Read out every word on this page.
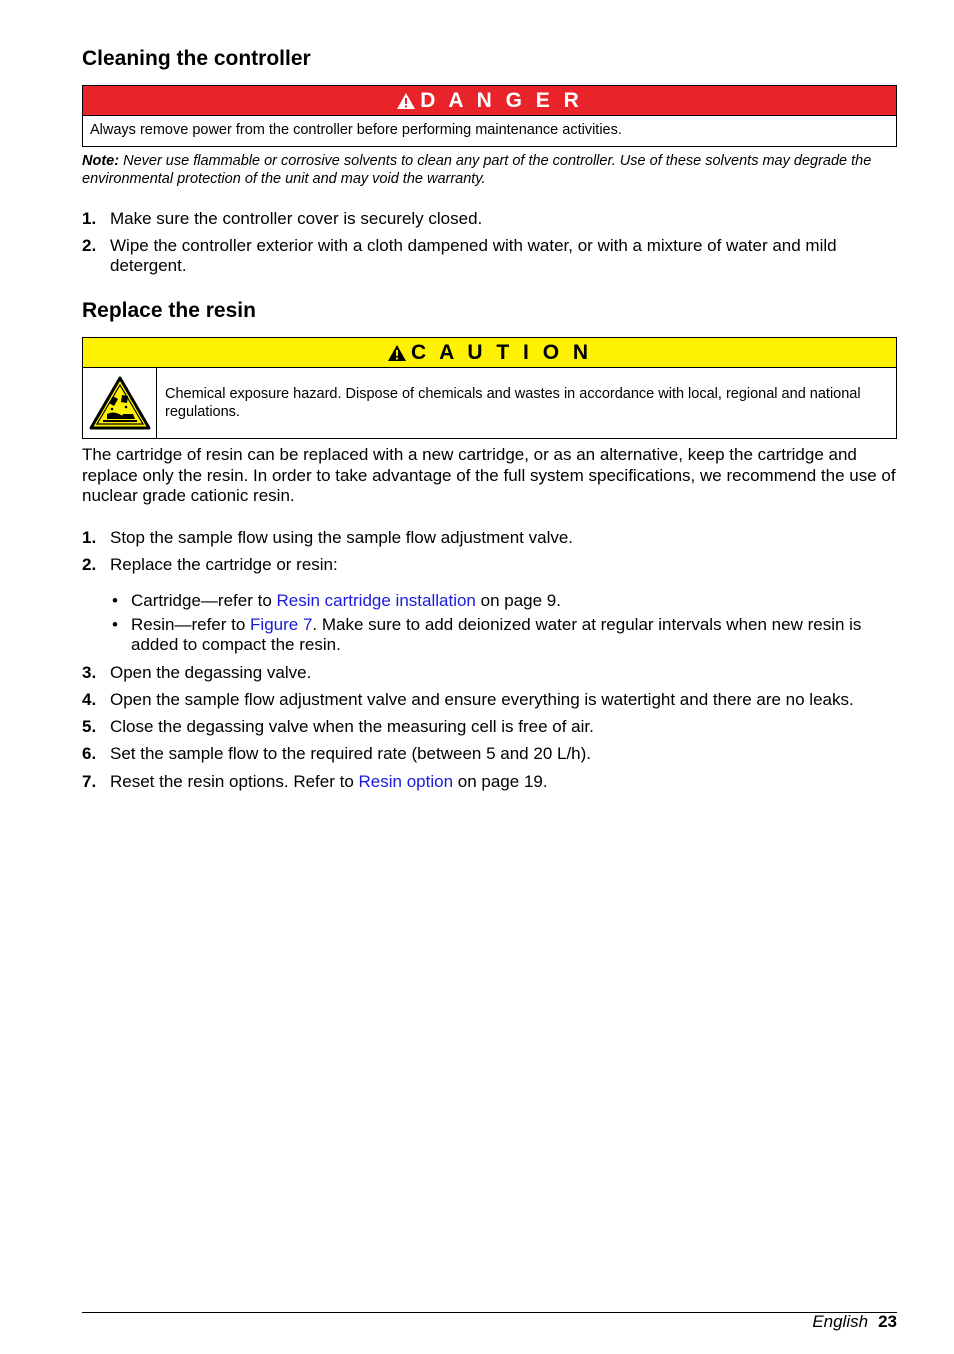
Cleaning the controller
D A N G E R
Always remove power from the controller before performing maintenance activities.
Note: Never use flammable or corrosive solvents to clean any part of the controller. Use of these solvents may degrade the environmental protection of the unit and may void the warranty.
1. Make sure the controller cover is securely closed.
2. Wipe the controller exterior with a cloth dampened with water, or with a mixture of water and mild detergent.
Replace the resin
C A U T I O N
Chemical exposure hazard. Dispose of chemicals and wastes in accordance with local, regional and national regulations.
The cartridge of resin can be replaced with a new cartridge, or as an alternative, keep the cartridge and replace only the resin. In order to take advantage of the full system specifications, we recommend the use of nuclear grade cationic resin.
1. Stop the sample flow using the sample flow adjustment valve.
2. Replace the cartridge or resin:
• Cartridge—refer to Resin cartridge installation on page 9.
• Resin—refer to Figure 7. Make sure to add deionized water at regular intervals when new resin is added to compact the resin.
3. Open the degassing valve.
4. Open the sample flow adjustment valve and ensure everything is watertight and there are no leaks.
5. Close the degassing valve when the measuring cell is free of air.
6. Set the sample flow to the required rate (between 5 and 20 L/h).
7. Reset the resin options. Refer to Resin option on page 19.
English 23
